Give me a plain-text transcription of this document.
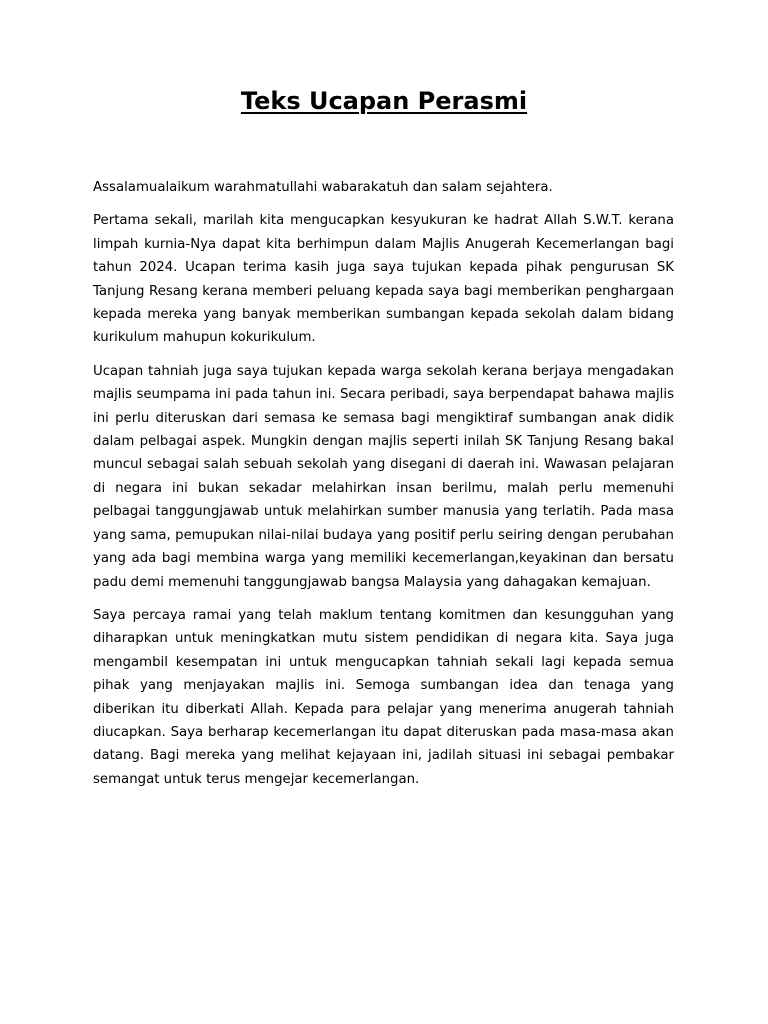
Teks Ucapan Perasmi

Assalamualaikum warahmatullahi wabarakatuh dan salam sejahtera.

Pertama sekali, marilah kita mengucapkan kesyukuran ke hadrat Allah S.W.T. kerana limpah kurnia-Nya dapat kita berhimpun dalam Majlis Anugerah Kecemerlangan bagi tahun 2024. Ucapan terima kasih juga saya tujukan kepada pihak pengurusan SK Tanjung Resang kerana memberi peluang kepada saya bagi memberikan penghargaan kepada mereka yang banyak memberikan sumbangan kepada sekolah dalam bidang kurikulum mahupun kokurikulum.

Ucapan tahniah juga saya tujukan kepada warga sekolah kerana berjaya mengadakan majlis seumpama ini pada tahun ini. Secara peribadi, saya berpendapat bahawa majlis ini perlu diteruskan dari semasa ke semasa bagi mengiktiraf sumbangan anak didik dalam pelbagai aspek. Mungkin dengan majlis seperti inilah SK Tanjung Resang bakal muncul sebagai salah sebuah sekolah yang disegani di daerah ini. Wawasan pelajaran di negara ini bukan sekadar melahirkan insan berilmu, malah perlu memenuhi pelbagai tanggungjawab untuk melahirkan sumber manusia yang terlatih. Pada masa yang sama, pemupukan nilai-nilai budaya yang positif perlu seiring dengan perubahan yang ada bagi membina warga yang memiliki kecemerlangan,keyakinan dan bersatu padu demi memenuhi tanggungjawab bangsa Malaysia yang dahagakan kemajuan.

Saya percaya ramai yang telah maklum tentang komitmen dan kesungguhan yang diharapkan untuk meningkatkan mutu sistem pendidikan di negara kita. Saya juga mengambil kesempatan ini untuk mengucapkan tahniah sekali lagi kepada semua pihak yang menjayakan majlis ini. Semoga sumbangan idea dan tenaga yang diberikan itu diberkati Allah. Kepada para pelajar yang menerima anugerah tahniah diucapkan. Saya berharap kecemerlangan itu dapat diteruskan pada masa-masa akan datang. Bagi mereka yang melihat kejayaan ini, jadilah situasi ini sebagai pembakar semangat untuk terus mengejar kecemerlangan.
